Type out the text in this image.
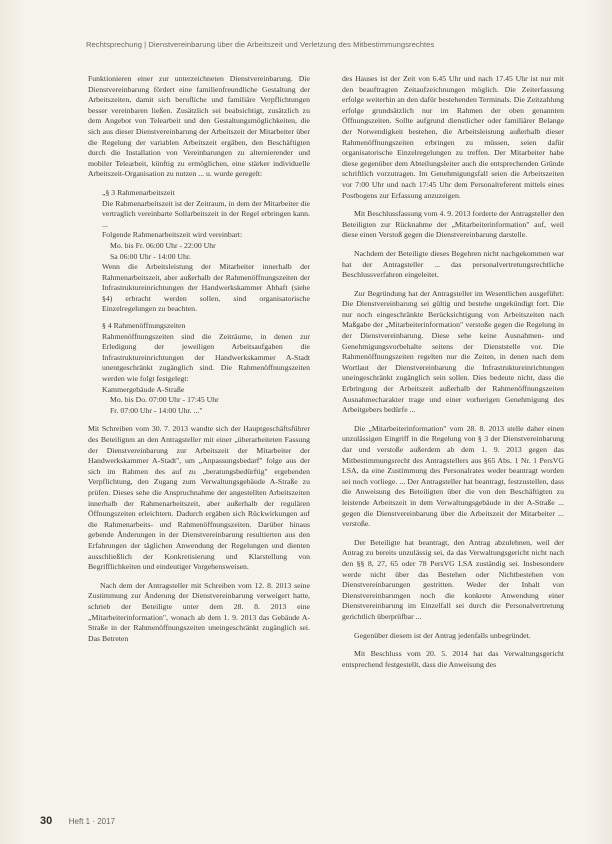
Rechtsprechung | Dienstvereinbarung über die Arbeitszeit und Verletzung des Mitbestimmungsrechtes

Funktionieren einer zur unterzeichneten Dienstvereinbarung. Die Dienstvereinbarung fördert eine familienfreundliche Gestaltung der Arbeitszeiten, damit sich berufliche und familiäre Verpflichtungen besser vereinbaren ließen. Zusätzlich sei beabsichtigt, zusätzlich zu dem Angebot von Telearbeit und den Gestaltungsmöglichkeiten, die sich aus dieser Dienstvereinbarung der Arbeitszeit der Mitarbeiter über die Regelung der variablen Arbeitszeit ergäben, den Beschäftigten durch die Installation von Vereinbarungen zu alternierender und mobiler Telearbeit, künftig zu ermöglichen, eine stärker individuelle Arbeitszeit-Organisation zu nutzen ... u. wurde geregelt:

„§ 3 Rahmenarbeitszeit
Die Rahmenarbeitszeit ist der Zeitraum, in dem der Mitarbeiter die vertraglich vereinbarte Sollarbeitszeit in der Regel erbringen kann. ...
Folgende Rahmenarbeitszeit wird vereinbart:
Mo. bis Fr. 06:00 Uhr - 22:00 Uhr
Sa 06:00 Uhr - 14:00 Uhr.
Wenn die Arbeitsleistung der Mitarbeiter innerhalb der Rahmenarbeitszeit, aber außerhalb der Rahmenöffnungszeiten der Infrastruktureinrichtungen der Handwerkskammer Abhaft (siehe §4) erbracht werden sollen, sind organisatorische Einzelregelungen zu beachten.
§ 4 Rahmenöffnungszeiten
Rahmenöffnungszeiten sind die Zeiträume, in denen zur Erledigung der jeweiligen Arbeitsaufgaben die Infrastruktureinrichtungen der Handwerkskammer A-Stadt unentgeschränkt zugänglich sind. Die Rahmenöffnungszeiten werden wie folgt festgelegt:
Kammergebäude A-Straße
Mo. bis Do. 07:00 Uhr - 17:45 Uhr
Fr. 07:00 Uhr - 14:00 Uhr. ..."

Mit Schreiben vom 30. 7. 2013 wandte sich der Hauptgeschäftsführer des Beteiligten an den Antragsteller mit einer „überarbeiteten Fassung der Dienstvereinbarung zur Arbeitszeit der Mitarbeiter der Handwerkskammer A-Stadt", um „Anpassungsbedarf" folge aus der sich im Rahmen des auf zu „beratungsbedürftig" ergebenden Verpflichtung, den Zugang zum Verwaltungsgebäude A-Straße zu prüfen. Dieses sehe die Anspruchnahme der angestellten Arbeitszeiten innerhalb der Rahmenarbeitszeit, aber außerhalb der regulären Öffnungszeiten erleichtern. Dadurch ergäben sich Rückwirkungen auf die Rahmenarbeits- und Rahmenöffnungszeiten. Darüber hinaus gebende Änderungen in der Dienstvereinbarung resultierten aus den Erfahrungen der täglichen Anwendung der Regelungen und dienten ausschließlich der Konkretisierung und Klarstellung von Begrifflichkeiten und eindeutiger Vorgehensweisen.

Nach dem der Antragsteller mit Schreiben vom 12. 8. 2013 seine Zustimmung zur Änderung der Dienstvereinbarung verweigert hatte, schrieb der Beteiligte unter dem 28. 8. 2013 eine „Mitarbeiterinformation", wonach ab dem 1. 9. 2013 das Gebäude A-Straße in der Rahmenöffnungszeiten uneingeschränkt zugänglich sei. Das Betreten

des Hauses ist der Zeit von 6.45 Uhr und nach 17.45 Uhr ist nur mit den beauftragten Zeitaufzeichnungen möglich. Die Zeiterfassung erfolge weiterhin an den dafür bestehenden Terminals. Die Zeitzahlung erfolge grundsätzlich nur im Rahmen der oben genannten Öffnungszeiten. Sollte aufgrund dienstlicher oder familiärer Belange der Notwendigkeit bestehen, die Arbeitsleistung außerhalb dieser Rahmenöffnungszeiten erbringen zu müssen, seien dafür organisatorische Einzelregelungen zu treffen. Der Mitarbeiter habe diese gegenüber dem Abteilungsleiter auch die entsprechenden Gründe schriftlich vorzutragen. Im Genehmigungsfall seien die Arbeitszeiten vor 7:00 Uhr und nach 17:45 Uhr dem Personalreferent mittels eines Postbogens zur Erfassung anzuzeigen.

Mit Beschlussfassung vom 4. 9. 2013 forderte der Antragsteller den Beteiligten zur Rücknahme der „Mitarbeiterinformation" auf, weil diese einen Verstoß gegen die Dienstvereinbarung darstelle.

Nachdem der Beteiligte dieses Begehren nicht nachgekommen war hat der Antragsteller ... das personalvertretungsrechtliche Beschlussverfahren eingeleitet.

Zur Begründung hat der Antragsteller im Wesentlichen ausgeführt: Die Dienstvereinbarung sei gültig und bestehe ungekündigt fort. Die nur noch eingeschränkte Berücksichtigung von Arbeitszeiten nach Maßgabe der „Mitarbeiterinformation" verstoße gegen die Regelung in der Dienstvereinbarung. Diese sehe keine Ausnahmen- und Genehmigungsvorbehalte seitens der Dienststelle vor. Die Rahmenöffnungszeiten regelten nur die Zeiten, in denen nach dem Wortlaut der Dienstvereinbarung die Infrastruktureinrichtungen uneingeschränkt zugänglich sein sollen. Dies bedeute nicht, dass die Erbringung der Arbeitszeit außerhalb der Rahmenöffnungszeiten Ausnahmecharakter trage und einer vorherigen Genehmigung des Arbeitgebers bedürfe ...

Die „Mitarbeiterinformation" vom 28. 8. 2013 stelle daher einen unzulässigen Eingriff in die Regelung von § 3 der Dienstvereinbarung dar und verstoße außerdem ab dem 1. 9. 2013 gegen das Mitbestimmungsrecht des Antragstellers aus §65 Abs. 1 Nr. 1 PersVG LSA, da eine Zustimmung des Personalrates weder beantragt worden sei noch vorliege. ... Der Antragsteller hat beantragt, festzustellen, dass die Anweisung des Beteiligten über die von den Beschäftigten zu leistende Arbeitszeit in dem Verwaltungsgebäude in der A-Straße ... gegen die Dienstvereinbarung über die Arbeitszeit der Mitarbeiter ... verstoße.

Der Beteiligte hat beantragt, den Antrag abzulehnen, weil der Antrag zu bereits unzulässig sei, da das Verwaltungsgericht nicht nach den §§ 8, 27, 65 oder 78 PersVG LSA zuständig sei. Insbesondere werde nicht über das Bestehen oder Nichtbestehen von Dienstvereinbarungen gestritten. Weder der Inhalt von Dienstvereinbarungen noch die konkrete Anwendung einer Dienstvereinbarung im Einzelfall sei durch die Personalvertretung gerichtlich überprüfbar ...

Gegenüber diesem ist der Antrag jedenfalls unbegründet.

Mit Beschluss vom 20. 5. 2014 hat das Verwaltungsgericht entsprechend festgestellt, dass die Anweisung des

30 Heft 1 · 2017
